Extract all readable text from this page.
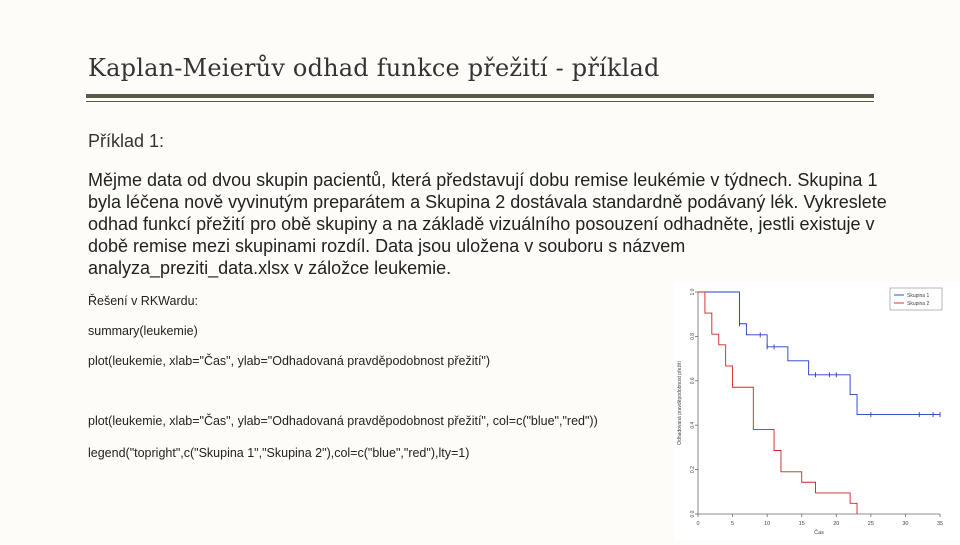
Kaplan-Meierův odhad funkce přežití - příklad
Příklad 1:
Mějme data od dvou skupin pacientů, která představují dobu remise leukémie v týdnech. Skupina 1 byla léčena nově vyvinutým preparátem a Skupina 2 dostávala standardně podávaný lék. Vykreslete odhad funkcí přežití pro obě skupiny a na základě vizuálního posouzení odhadněte, jestli existuje v době remise mezi skupinami rozdíl. Data jsou uložena v souboru s názvem analyza_preziti_data.xlsx v záložce leukemie.
Řešení v RKWardu:
summary(leukemie)
plot(leukemie, xlab="Čas", ylab="Odhadovaná pravděpodobnost přežití")
plot(leukemie, xlab="Čas", ylab="Odhadovaná pravděpodobnost přežití", col=c("blue","red"))
legend("topright",c("Skupina 1","Skupina 2"),col=c("blue","red"),lty=1)
0	5	10	15	20	25	30	35
0.0
0.2
0.4
0.6
0.8
1.0
Čas
Odhadovaná pravděpodobnost přežití
Skupina 1
Skupina 2
